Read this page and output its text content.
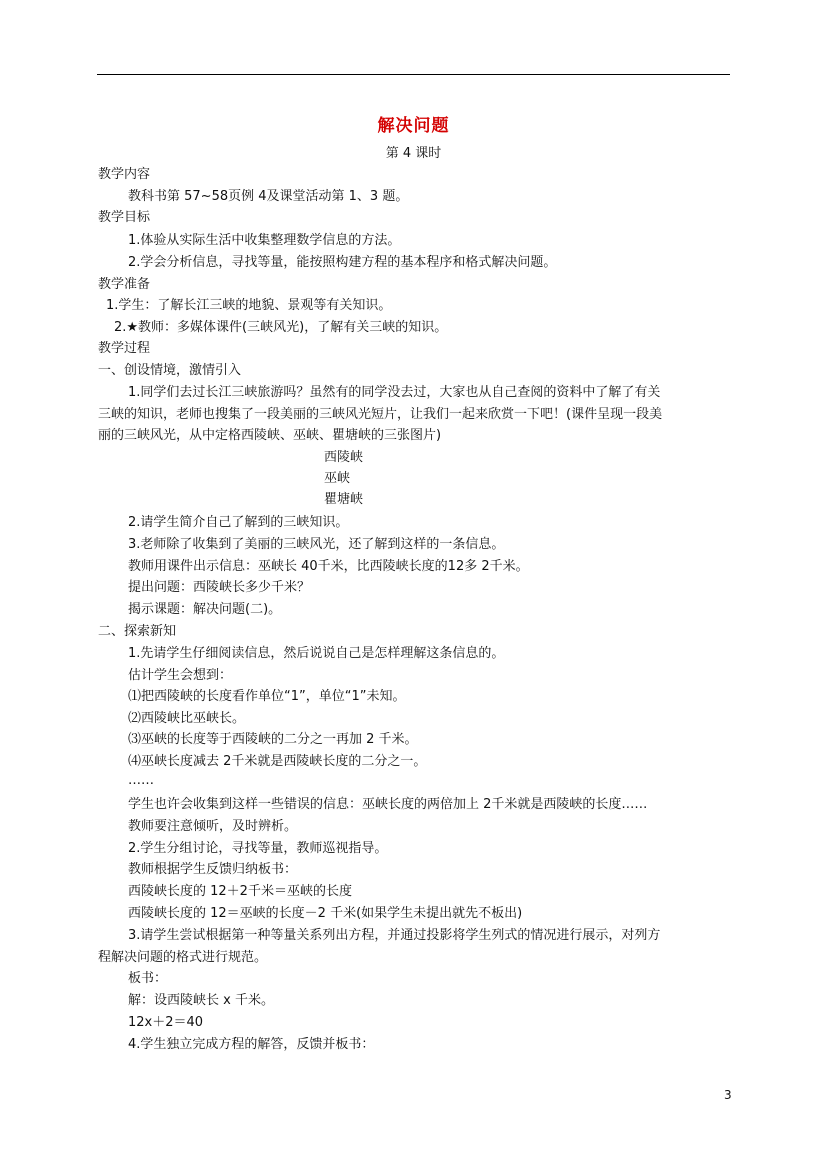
解决问题
第 4 课时
教学内容
教科书第 57~58页例 4及课堂活动第 1、3 题。
教学目标
1.体验从实际生活中收集整理数学信息的方法。
2.学会分析信息，寻找等量，能按照构建方程的基本程序和格式解决问题。
教学准备
1.学生：了解长江三峡的地貌、景观等有关知识。
2.★教师：多媒体课件(三峡风光)，了解有关三峡的知识。
教学过程
一、创设情境，激情引入
1.同学们去过长江三峡旅游吗？虽然有的同学没去过，大家也从自己查阅的资料中了解了有关
三峡的知识，老师也搜集了一段美丽的三峡风光短片，让我们一起来欣赏一下吧！(课件呈现一段美
丽的三峡风光，从中定格西陵峡、巫峡、瞿塘峡的三张图片)
西陵峡
巫峡
瞿塘峡
2.请学生简介自己了解到的三峡知识。
3.老师除了收集到了美丽的三峡风光，还了解到这样的一条信息。
教师用课件出示信息：巫峡长 40千米，比西陵峡长度的12多 2千米。
提出问题：西陵峡长多少千米？
揭示课题：解决问题(二)。
二、探索新知
1.先请学生仔细阅读信息，然后说说自己是怎样理解这条信息的。
估计学生会想到：
⑴把西陵峡的长度看作单位“1”，单位“1”未知。
⑵西陵峡比巫峡长。
⑶巫峡的长度等于西陵峡的二分之一再加 2 千米。
⑷巫峡长度减去 2千米就是西陵峡长度的二分之一。
……
学生也许会收集到这样一些错误的信息：巫峡长度的两倍加上 2千米就是西陵峡的长度……
教师要注意倾听，及时辨析。
2.学生分组讨论，寻找等量，教师巡视指导。
教师根据学生反馈归纳板书：
西陵峡长度的 12＋2千米＝巫峡的长度
西陵峡长度的 12＝巫峡的长度－2 千米(如果学生未提出就先不板出)
3.请学生尝试根据第一种等量关系列出方程，并通过投影将学生列式的情况进行展示，对列方
程解决问题的格式进行规范。
板书：
解：设西陵峡长 x 千米。
12x＋2＝40
4.学生独立完成方程的解答，反馈并板书：
3
